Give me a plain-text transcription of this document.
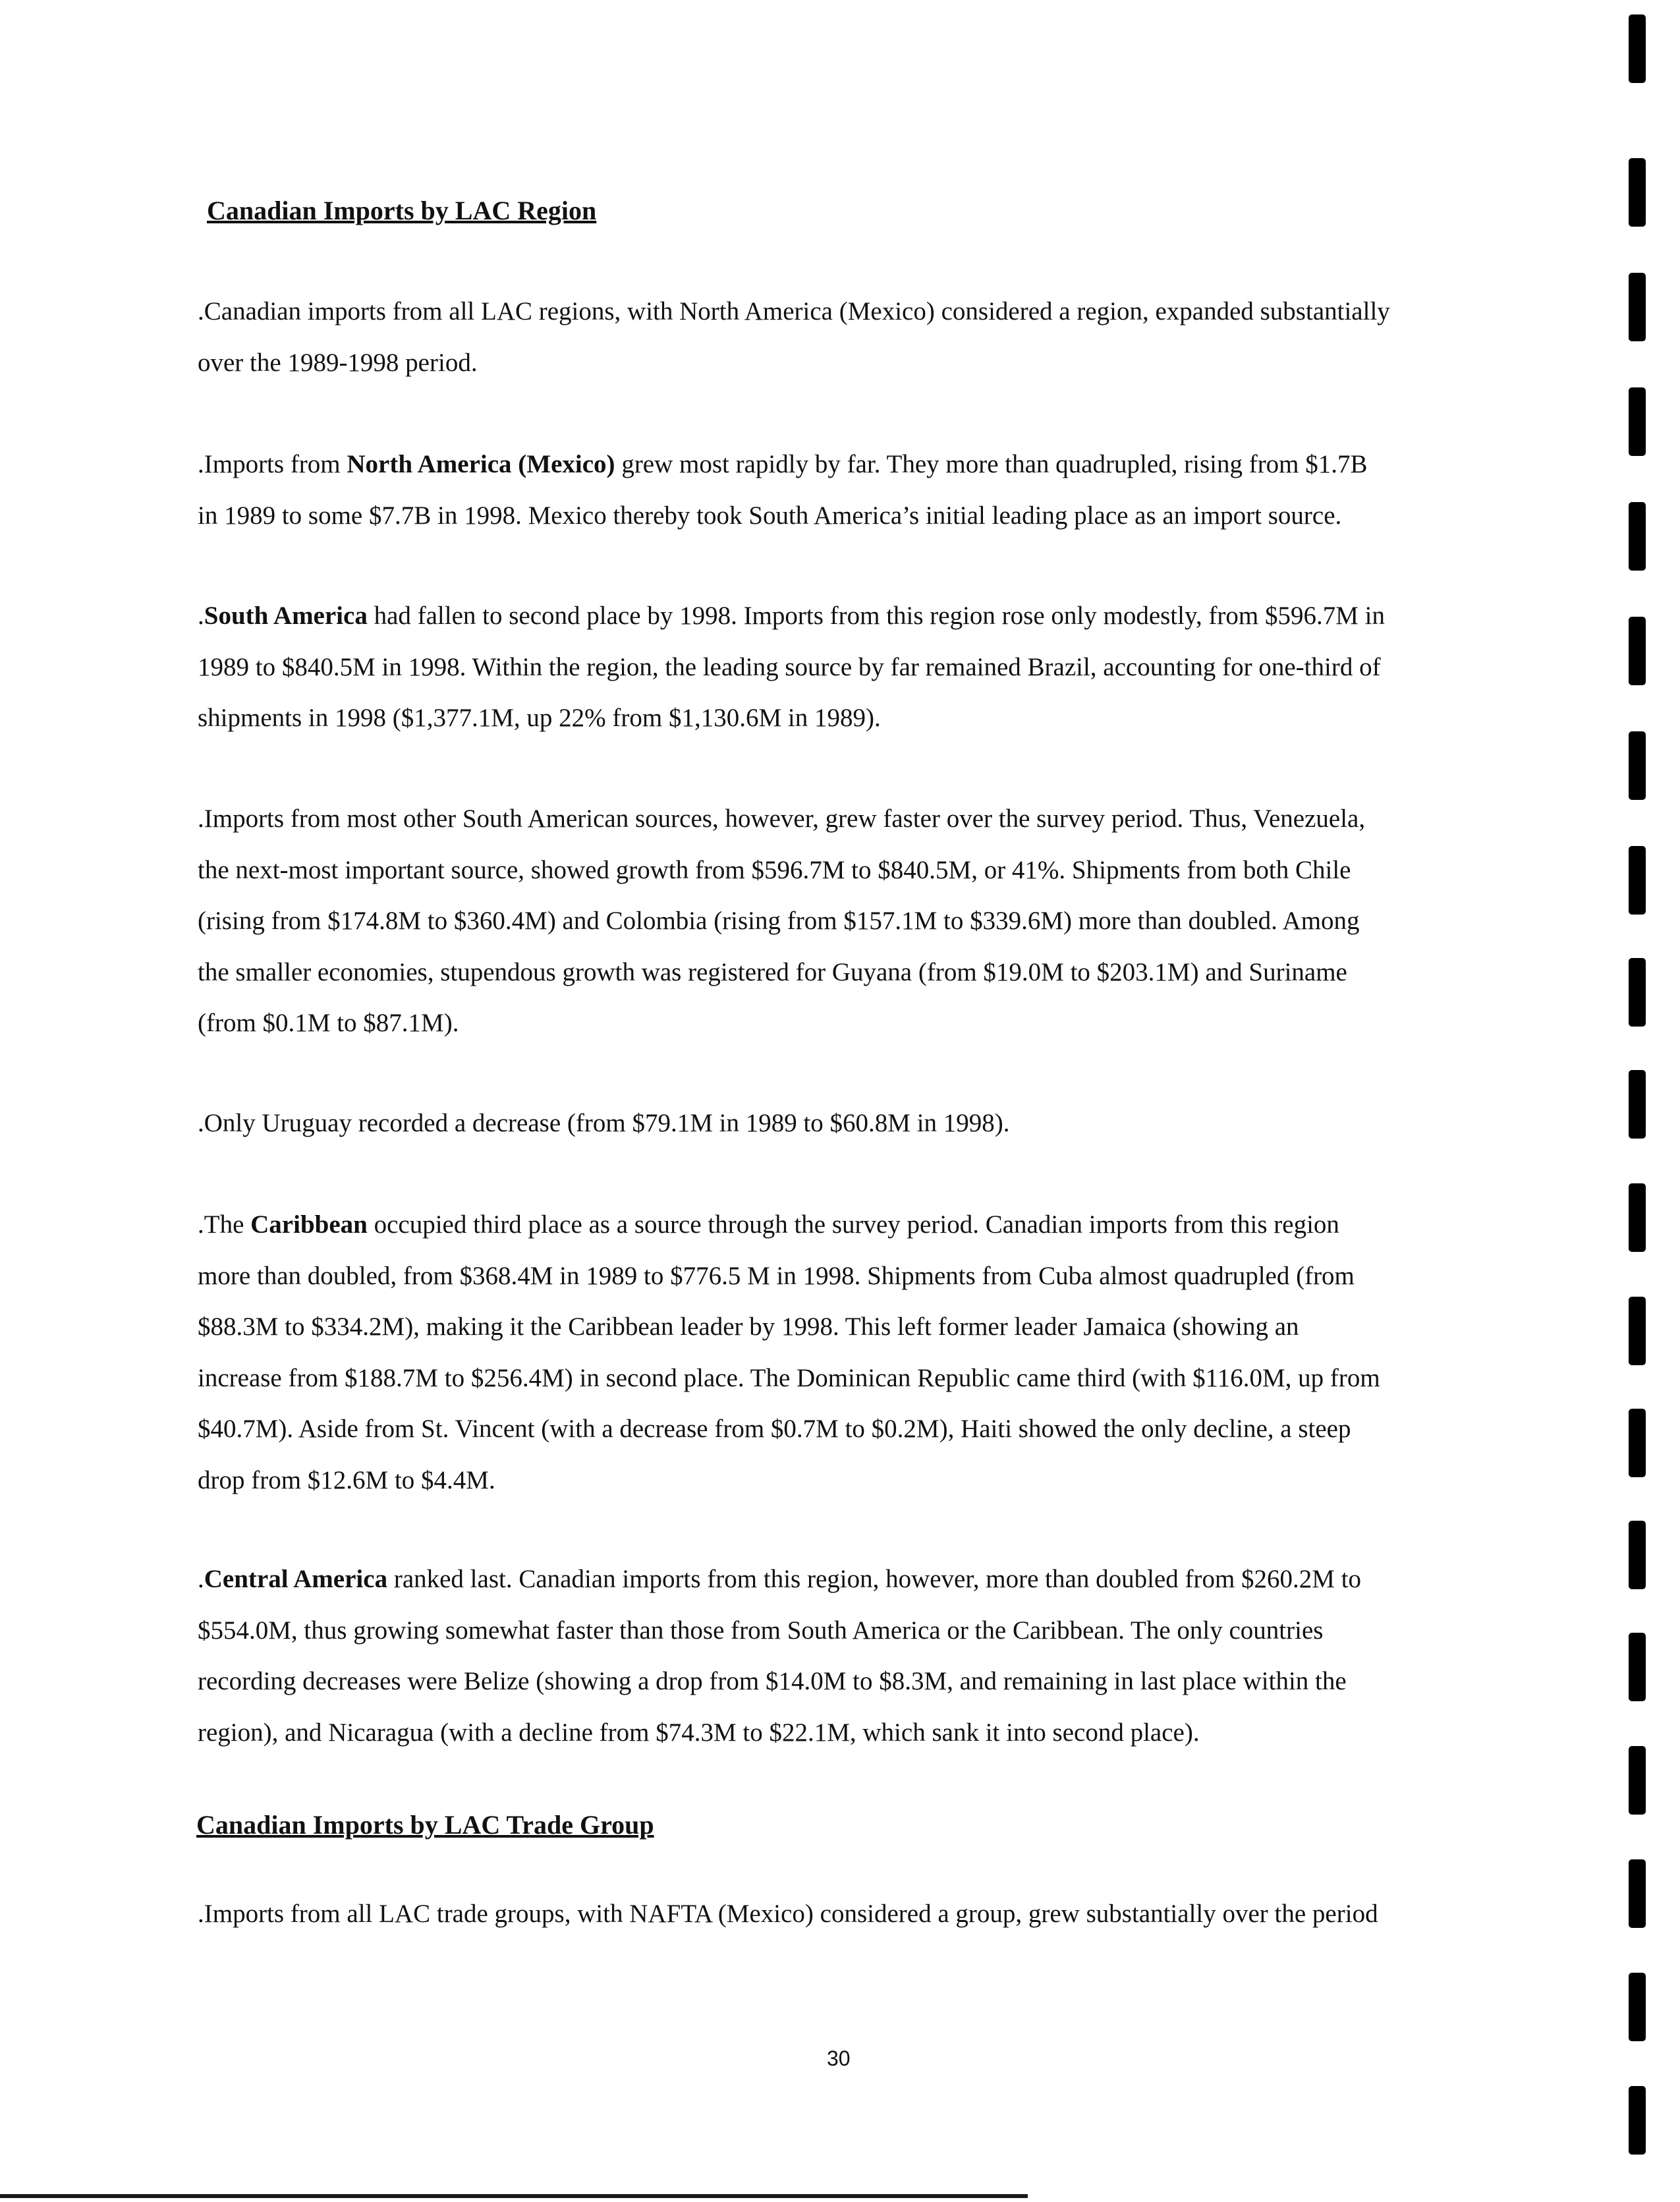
Canadian Imports by LAC Region

.Canadian imports from all LAC regions, with North America (Mexico) considered a region, expanded substantially
over the 1989-1998 period.

.Imports from North America (Mexico) grew most rapidly by far. They more than quadrupled, rising from $1.7B
in 1989 to some $7.7B in 1998. Mexico thereby took South America’s initial leading place as an import source.

.South America had fallen to second place by 1998. Imports from this region rose only modestly, from $596.7M in
1989 to $840.5M in 1998. Within the region, the leading source by far remained Brazil, accounting for one-third of
shipments in 1998 ($1,377.1M, up 22% from $1,130.6M in 1989).

.Imports from most other South American sources, however, grew faster over the survey period. Thus, Venezuela,
the next-most important source, showed growth from $596.7M to $840.5M, or 41%. Shipments from both Chile
(rising from $174.8M to $360.4M) and Colombia (rising from $157.1M to $339.6M) more than doubled. Among
the smaller economies, stupendous growth was registered for Guyana (from $19.0M to $203.1M) and Suriname
(from $0.1M to $87.1M).

.Only Uruguay recorded a decrease (from $79.1M in 1989 to $60.8M in 1998).

.The Caribbean occupied third place as a source through the survey period. Canadian imports from this region
more than doubled, from $368.4M in 1989 to $776.5 M in 1998. Shipments from Cuba almost quadrupled (from
$88.3M to $334.2M), making it the Caribbean leader by 1998. This left former leader Jamaica (showing an
increase from $188.7M to $256.4M) in second place. The Dominican Republic came third (with $116.0M, up from
$40.7M). Aside from St. Vincent (with a decrease from $0.7M to $0.2M), Haiti showed the only decline, a steep
drop from $12.6M to $4.4M.

.Central America ranked last. Canadian imports from this region, however, more than doubled from $260.2M to
$554.0M, thus growing somewhat faster than those from South America or the Caribbean. The only countries
recording decreases were Belize (showing a drop from $14.0M to $8.3M, and remaining in last place within the
region), and Nicaragua (with a decline from $74.3M to $22.1M, which sank it into second place).

Canadian Imports by LAC Trade Group

.Imports from all LAC trade groups, with NAFTA (Mexico) considered a group, grew substantially over the period

30
